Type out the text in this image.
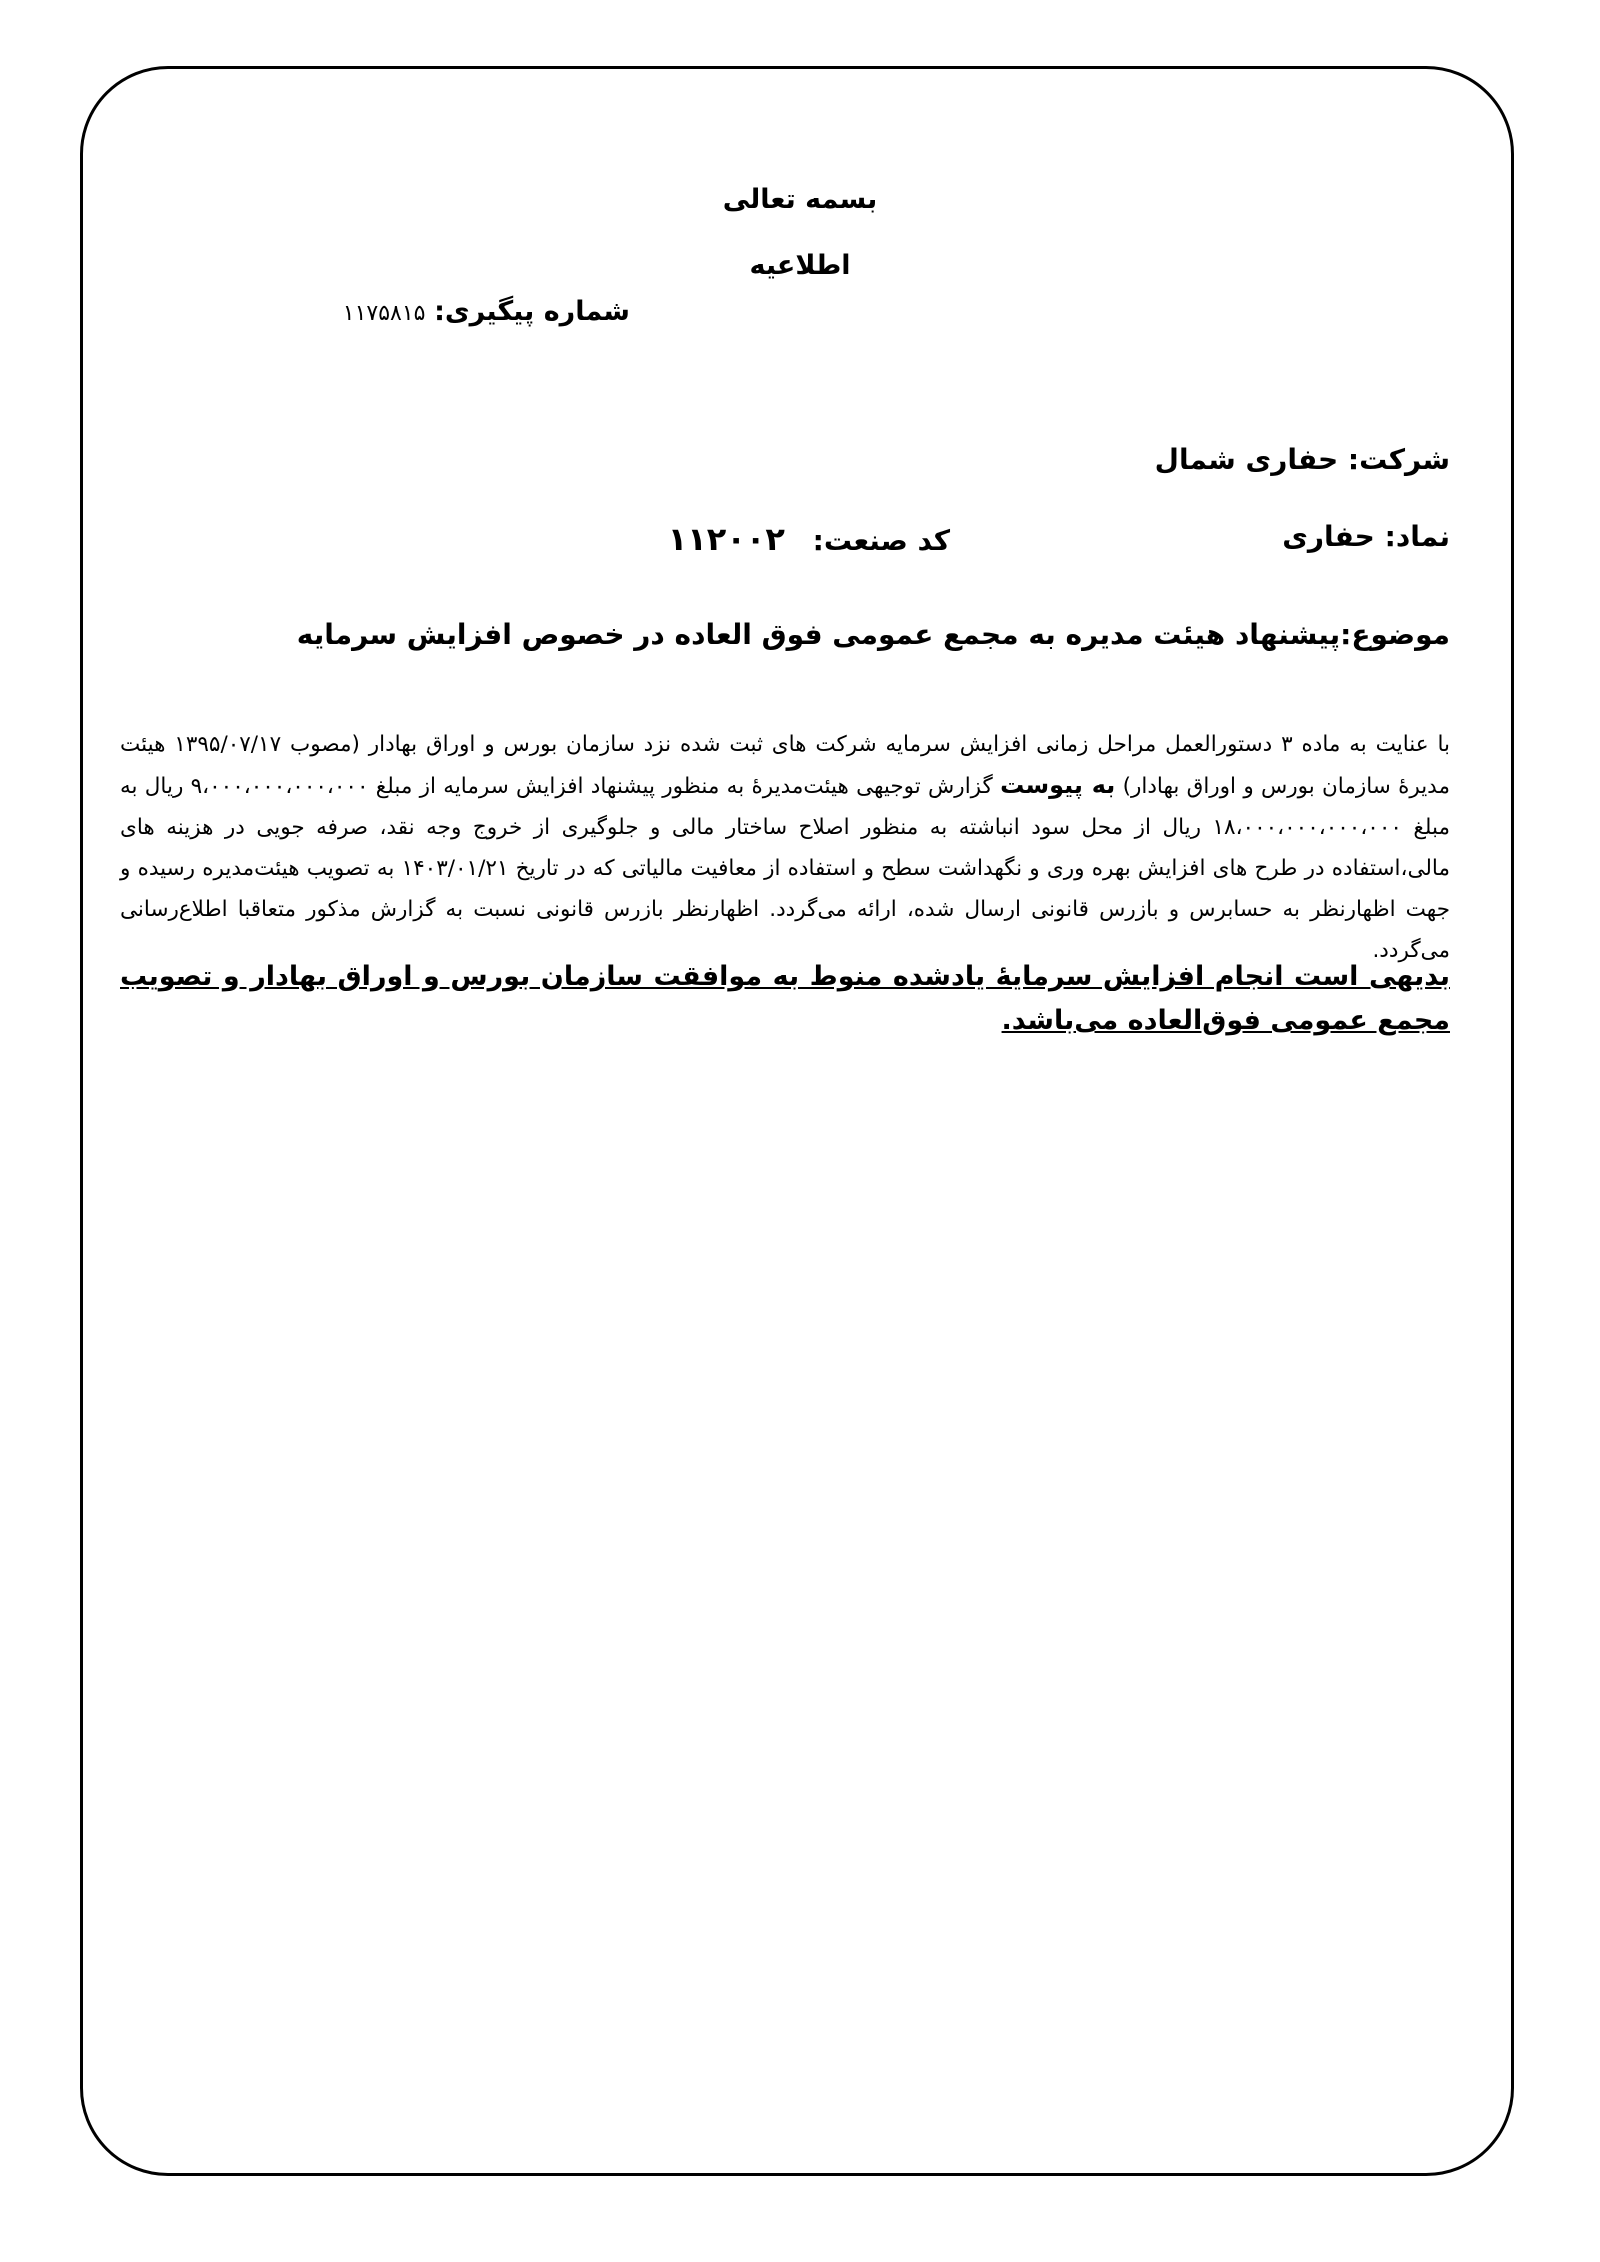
بسمه تعالی
اطلاعیه
شماره پیگیری: ۱۱۷۵۸۱۵
شرکت: حفاری شمال
نماد: حفاری
کد صنعت: ۱۱۲۰۰۲
موضوع:پیشنهاد هیئت مدیره به مجمع عمومی فوق العاده در خصوص افزایش سرمایه
با عنایت به ماده ۳ دستورالعمل مراحل زمانی افزایش سرمایه شرکت های ثبت شده نزد سازمان بورس و اوراق بهادار (مصوب ۱۳۹۵/۰۷/۱۷ هیئت مدیرۀ سازمان بورس و اوراق بهادار) به پیوست گزارش توجیهی هیئت‌مدیرۀ به منظور پیشنهاد افزایش سرمایه از مبلغ ۹،۰۰۰،۰۰۰،۰۰۰،۰۰۰ ریال به مبلغ ۱۸،۰۰۰،۰۰۰،۰۰۰،۰۰۰ ریال از محل سود انباشته به منظور اصلاح ساختار مالی و جلوگیری از خروج وجه نقد، صرفه جویی در هزینه های مالی،استفاده در طرح های افزایش بهره وری و نگهداشت سطح و استفاده از معافیت مالیاتی که در تاریخ ۱۴۰۳/۰۱/۲۱ به تصویب هیئت‌مدیره رسیده و جهت اظهارنظر به حسابرس و بازرس قانونی ارسال شده، ارائه می‌گردد. اظهارنظر بازرس قانونی نسبت به گزارش مذکور متعاقبا اطلاع‌رسانی می‌گردد.
بدیهی است انجام افزایش سرمایۀ یادشده منوط به موافقت سازمان بورس و اوراق بهادار و تصویب مجمع عمومی فوق‌العاده می‌باشد.
